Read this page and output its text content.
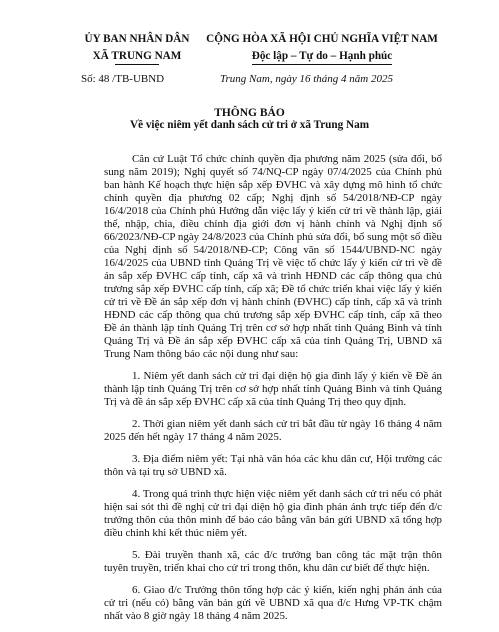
ỦY BAN NHÂN DÂN
XÃ TRUNG NAM
CỘNG HÒA XÃ HỘI CHỦ NGHĨA VIỆT NAM
Độc lập – Tự do – Hạnh phúc
Số: 48 /TB-UBND	Trung Nam, ngày 16 tháng 4 năm 2025
THÔNG BÁO
Về việc niêm yết danh sách cử tri ở xã Trung Nam

Căn cứ Luật Tổ chức chính quyền địa phương năm 2025 (sửa đổi, bổ sung năm 2019); Nghị quyết số 74/NQ-CP ngày 07/4/2025 của Chính phủ ban hành Kế hoạch thực hiện sắp xếp ĐVHC và xây dựng mô hình tổ chức chính quyền địa phương 02 cấp; Nghị định số 54/2018/NĐ-CP ngày 16/4/2018 của Chính phủ Hướng dẫn việc lấy ý kiến cử tri về thành lập, giải thể, nhập, chia, điều chỉnh địa giới đơn vị hành chính và Nghị định số 66/2023/NĐ-CP ngày 24/8/2023 của Chính phủ sửa đổi, bổ sung một số điều của Nghị định số 54/2018/NĐ-CP; Công văn số 1544/UBND-NC ngày 16/4/2025 của UBND tỉnh Quảng Trị về việc tổ chức lấy ý kiến cử tri về đề án sắp xếp ĐVHC cấp tỉnh, cấp xã và trình HĐND các cấp thông qua chủ trương sắp xếp ĐVHC cấp tỉnh, cấp xã; Đề tổ chức triển khai việc lấy ý kiến cử tri về Đề án sắp xếp đơn vị hành chính (ĐVHC) cấp tỉnh, cấp xã và trình HĐND các cấp thông qua chủ trương sắp xếp ĐVHC cấp tỉnh, cấp xã theo Đề án thành lập tỉnh Quảng Trị trên cơ sở hợp nhất tỉnh Quảng Bình và tỉnh Quảng Trị và Đề án sắp xếp ĐVHC cấp xã của tỉnh Quảng Trị, UBND xã Trung Nam thông báo các nội dung như sau:

1. Niêm yết danh sách cử tri đại diện hộ gia đình lấy ý kiến về Đề án thành lập tỉnh Quảng Trị trên cơ sở hợp nhất tỉnh Quảng Bình và tỉnh Quảng Trị và đề án sắp xếp ĐVHC cấp xã của tỉnh Quảng Trị theo quy định.

2. Thời gian niêm yết danh sách cử tri bắt đầu từ ngày 16 tháng 4 năm 2025 đến hết ngày 17 tháng 4 năm 2025.

3. Địa điểm niêm yết: Tại nhà văn hóa các khu dân cư, Hội trường các thôn và tại trụ sở UBND xã.

4. Trong quá trình thực hiện việc niêm yết danh sách cử tri nếu có phát hiện sai sót thì đề nghị cử tri đại diện hộ gia đình phản ánh trực tiếp đến đ/c trưởng thôn của thôn mình để báo cáo bằng văn bản gửi UBND xã tổng hợp điều chỉnh khi kết thúc niêm yết.

5. Đài truyền thanh xã, các đ/c trưởng ban công tác mặt trận thôn tuyên truyền, triển khai cho cử tri trong thôn, khu dân cư biết để thực hiện.

6. Giao đ/c Trưởng thôn tổng hợp các ý kiến, kiến nghị phản ánh của cử tri (nếu có) bằng văn bản gửi về UBND xã qua đ/c Hưng VP-TK chậm nhất vào 8 giờ ngày 18 tháng 4 năm 2025.
